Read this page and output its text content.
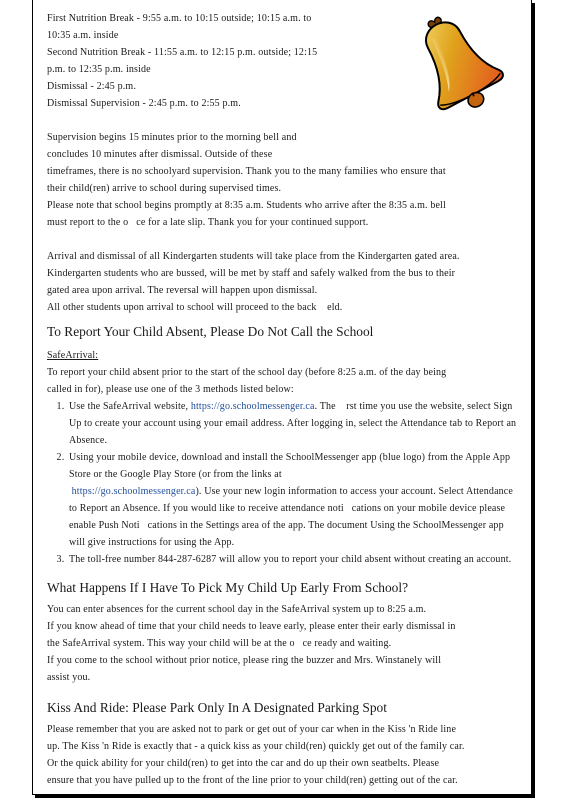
First Nutrition Break - 9:55 a.m. to 10:15 outside; 10:15 a.m. to

10:35 a.m. inside

Second Nutrition Break - 11:55 a.m. to 12:15 p.m. outside; 12:15

p.m. to 12:35 p.m. inside

Dismissal - 2:45 p.m.

Dismissal Supervision - 2:45 p.m. to 2:55 p.m.

Supervision begins 15 minutes prior to the morning bell and

concludes 10 minutes after dismissal. Outside of these

timeframes, there is no schoolyard supervision. Thank you to the many families who ensure that

their child(ren) arrive to school during supervised times.

Please note that school begins promptly at 8:35 a.m. Students who arrive after the 8:35 a.m. bell

must report to the o ce for a late slip. Thank you for your continued support.

Arrival and dismissal of all Kindergarten students will take place from the Kindergarten gated area.

Kindergarten students who are bussed, will be met by staff and safely walked from the bus to their

gated area upon arrival. The reversal will happen upon dismissal.

All other students upon arrival to school will proceed to the back  eld.

To Report Your Child Absent, Please Do Not Call the School

SafeArrival:

To report your child absent prior to the start of the school day (before 8:25 a.m. of the day being

called in for), please use one of the 3 methods listed below:

1. Use the SafeArrival website, https://go.schoolmessenger.ca. The  rst time you use the website, select Sign Up to create your account using your email address. After logging in, select the Attendance tab to Report an Absence.
2. Using your mobile device, download and install the SchoolMessenger app (blue logo) from the Apple App Store or the Google Play Store (or from the links at
https://go.schoolmessenger.ca). Use your new login information to access your account. Select Attendance to Report an Absence. If you would like to receive attendance noti cations on your mobile device please enable Push Noti cations in the Settings area of the app. The document Using the SchoolMessenger app will give instructions for using the App.
3. The toll-free number 844-287-6287 will allow you to report your child absent without creating an account.
What Happens If I Have To Pick My Child Up Early From School?

You can enter absences for the current school day in the SafeArrival system up to 8:25 a.m.

If you know ahead of time that your child needs to leave early, please enter their early dismissal in

the SafeArrival system. This way your child will be at the o ce ready and waiting.

If you come to the school without prior notice, please ring the buzzer and Mrs. Winstanely will

assist you.

Kiss And Ride: Please Park Only In A Designated Parking Spot

Please remember that you are asked not to park or get out of your car when in the Kiss 'n Ride line

up. The Kiss 'n Ride is exactly that - a quick kiss as your child(ren) quickly get out of the family car.

Or the quick ability for your child(ren) to get into the car and do up their own seatbelts. Please

ensure that you have pulled up to the front of the line prior to your child(ren) getting out of the car.
